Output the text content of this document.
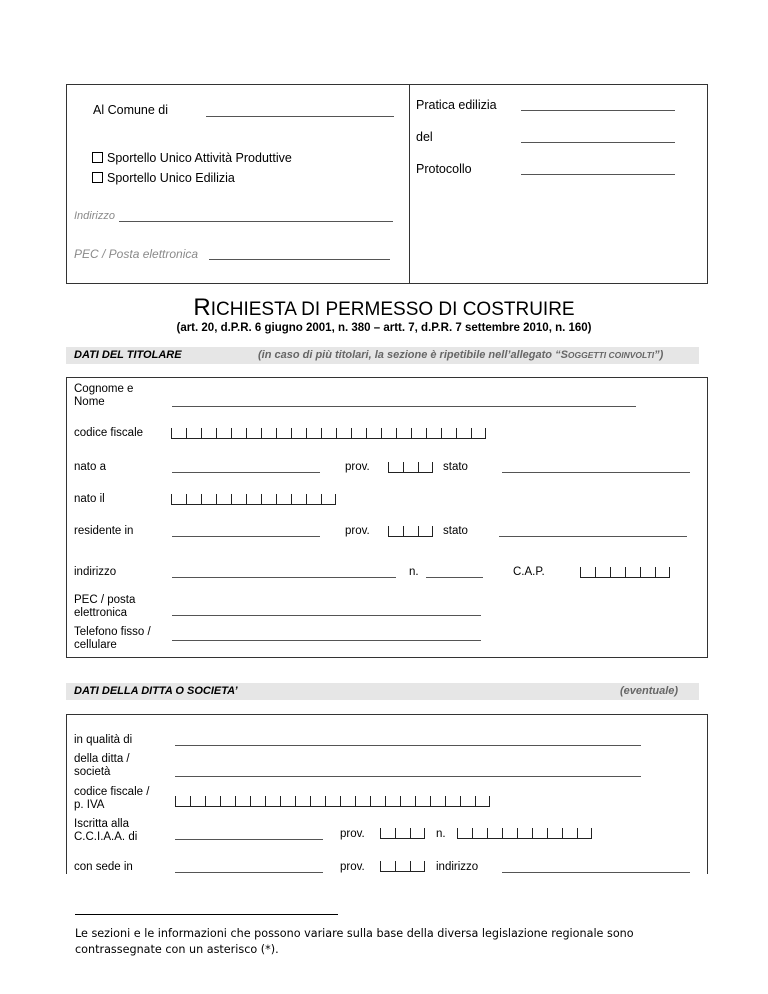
Al Comune di	Pratica edilizia
del
Protocollo
Sportello Unico Attività Produttive
Sportello Unico Edilizia
Indirizzo
PEC / Posta elettronica
RICHIESTA DI PERMESSO DI COSTRUIRE
(art. 20, d.P.R. 6 giugno 2001, n. 380 – artt. 7, d.P.R. 7 settembre 2010, n. 160)
DATI DEL TITOLARE	(in caso di più titolari, la sezione è ripetibile nell’allegato “SOGGETTI COINVOLTI”)
Cognome e
Nome
codice fiscale
nato a	prov.	stato
nato il
residente in	prov.	stato
indirizzo	n.	C.A.P.
PEC / posta
elettronica
Telefono fisso /
cellulare
DATI DELLA DITTA O SOCIETA’	(eventuale)
in qualità di
della ditta /
società
codice fiscale /
p. IVA
Iscritta alla
C.C.I.A.A. di	prov.	n.
con sede in	prov.	indirizzo
Le sezioni e le informazioni che possono variare sulla base della diversa legislazione regionale sono contrassegnate con un asterisco (*).
